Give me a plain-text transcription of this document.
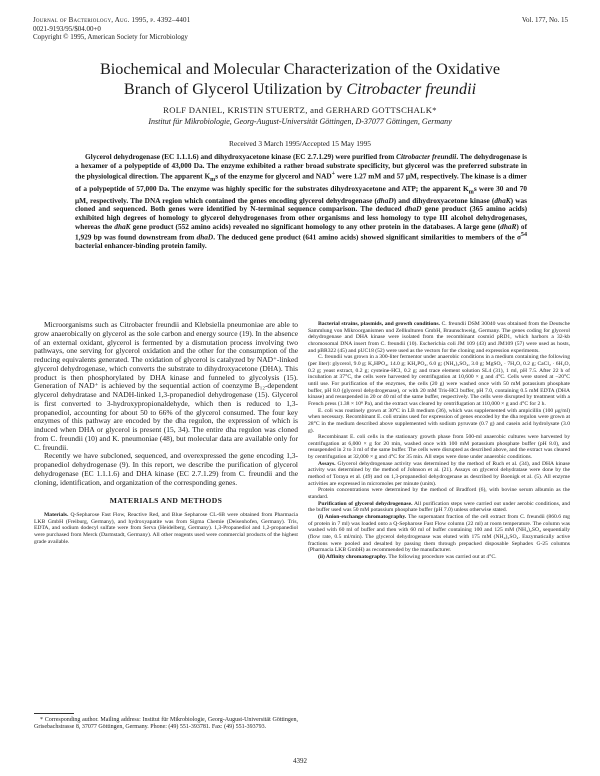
Journal of Bacteriology, Aug. 1995, p. 4392–4401
0021-9193/95/$04.00+0
Copyright © 1995, American Society for Microbiology
Vol. 177, No. 15
Biochemical and Molecular Characterization of the Oxidative
Branch of Glycerol Utilization by Citrobacter freundii
ROLF DANIEL, KRISTIN STUERTZ, and GERHARD GOTTSCHALK*
Institut für Mikrobiologie, Georg-August-Universität Göttingen, D-37077 Göttingen, Germany
Received 3 March 1995/Accepted 15 May 1995

Glycerol dehydrogenase (EC 1.1.1.6) and dihydroxyacetone kinase (EC 2.7.1.29) were purified from Citrobacter freundii. The dehydrogenase is a hexamer of a polypeptide of 43,000 Da. The enzyme exhibited a rather broad substrate specificity, but glycerol was the preferred substrate in the physiological direction. The apparent $K_ms$ of the enzyme for glycerol and NAD+ were 1.27 mM and 57 μM, respectively. The kinase is a dimer of a polypeptide of 57,000 Da. The enzyme was highly specific for the substrates dihydroxyacetone and ATP; the apparent $K_ms$ were 30 and 70 μM, respectively. The DNA region which contained the genes encoding glycerol dehydrogenase (dhaD) and dihydroxyacetone kinase (dhaK) was cloned and sequenced. Both genes were identified by N-terminal sequence comparison. The deduced dhaD gene product (365 amino acids) exhibited high degrees of homology to glycerol dehydrogenases from other organisms and less homology to type III alcohol dehydrogenases, whereas the dhaK gene product (552 amino acids) revealed no significant homology to any other protein in the databases. A large gene (dhaR) of 1,929 bp was found downstream from dhaD. The deduced gene product (641 amino acids) showed significant similarities to members of the $\sigma^{54}$ bacterial enhancer-binding protein family.

Microorganisms such as Citrobacter freundii and Klebsiella pneumoniae are able to grow anaerobically on glycerol as the sole carbon and energy source (19). In the absence of an external oxidant, glycerol is fermented by a dismutation process involving two pathways, one serving for glycerol oxidation and the other for the consumption of the reducing equivalents generated. The oxidation of glycerol is catalyzed by NAD⁺-linked glycerol dehydrogenase, which converts the substrate to dihydroxyacetone (DHA). This product is then phosphorylated by DHA kinase and funneled to glycolysis (15). Generation of NAD⁺ is achieved by the sequential action of coenzyme B₁₂-dependent glycerol dehydratase and NADH-linked 1,3-propanediol dehydrogenase (15). Glycerol is first converted to 3-hydroxypropionaldehyde, which then is reduced to 1,3-propanediol, accounting for about 50 to 66% of the glycerol consumed. The four key enzymes of this pathway are encoded by the dha regulon, the expression of which is induced when DHA or glycerol is present (15, 34). The entire dha regulon was cloned from C. freundii (10) and K. pneumoniae (48), but molecular data are available only for C. freundii.

Recently we have subcloned, sequenced, and overexpressed the gene encoding 1,3-propanediol dehydrogenase (9). In this report, we describe the purification of glycerol dehydrogenase (EC 1.1.1.6) and DHA kinase (EC 2.7.1.29) from C. freundii and the cloning, identification, and organization of the corresponding genes.

MATERIALS AND METHODS

Materials. Q-Sepharose Fast Flow, Reactive Red, and Blue Sepharose CL-6B were obtained from Pharmacia LKB GmbH (Freiburg, Germany), and hydroxyapatite was from Sigma Chemie (Deisenhofen, Germany). Tris, EDTA, and sodium dodecyl sulfate were from Serva (Heidelberg, Germany). 1,3-Propanediol and 1,2-propanediol were purchased from Merck (Darmstadt, Germany). All other reagents used were commercial products of the highest grade available.

* Corresponding author. Mailing address: Institut für Mikrobiologie, Georg-August-Universität Göttingen, Grisebachstrasse 8, 37077 Göttingen, Germany. Phone: (49) 551-393781. Fax: (49) 551-393793.

Bacterial strains, plasmids, and growth conditions. C. freundii DSM 30040 was obtained from the Deutsche Sammlung von Mikroorganismen und Zellkulturen GmbH, Braunschweig, Germany. The genes coding for glycerol dehydrogenase and DHA kinase were isolated from the recombinant cosmid pRD1, which harbors a 32-kb chromosomal DNA insert from C. freundii (10). Escherichia coli JM 109 (43) and JM109 (57) were used as hosts, and pBR322 (45) and pUC18 (52) were used as the vectors for the cloning and expression experiments.

C. freundii was grown in a 300-liter fermentor under anaerobic conditions in a medium containing the following (per liter): glycerol, 9.0 g; K₂HPO₄, 14.0 g; KH₂PO₄, 6.0 g; (NH₄)₂SO₄, 3.0 g; MgSO₄ · 7H₂O, 0.2 g; CaCl₂ · 6H₂O, 0.2 g; yeast extract, 0.2 g; cysteine-HCl, 0.2 g; and trace element solution SL4 (31), 1 ml, pH 7.5. After 22 h of incubation at 37°C, the cells were harvested by centrifugation at 10,600 × g and 4°C. Cells were stored at −20°C until use. For purification of the enzymes, the cells (20 g) were washed once with 50 mM potassium phosphate buffer, pH 8.0 (glycerol dehydrogenase), or with 20 mM Tris-HCl buffer, pH 7.0, containing 0.5 mM EDTA (DHA kinase) and resuspended in 20 or 40 ml of the same buffer, respectively. The cells were disrupted by treatment with a French press (1.38 × 10⁸ Pa), and the extract was cleared by centrifugation at 110,000 × g and 4°C for 2 h.

E. coli was routinely grown at 30°C in LB medium (36), which was supplemented with ampicillin (100 μg/ml) when necessary. Recombinant E. coli strains used for expression of genes encoded by the dha regulon were grown at 28°C in the medium described above supplemented with sodium pyruvate (0.7 g) and casein acid hydrolysate (3.0 g).

Recombinant E. coli cells in the stationary growth phase from 500-ml anaerobic cultures were harvested by centrifugation at 6,000 × g for 20 min, washed once with 100 mM potassium phosphate buffer (pH 8.0), and resuspended in 2 to 3 ml of the same buffer. The cells were disrupted as described above, and the extract was cleared by centrifugation at 32,000 × g and 4°C for 35 min. All steps were done under anaerobic conditions.

Assays. Glycerol dehydrogenase activity was determined by the method of Ruch et al. (34), and DHA kinase activity was determined by the method of Johnson et al. (21). Assays on glycerol dehydratase were done by the method of Toraya et al. (49) and on 1,3-propanediol dehydrogenase as described by Boenigk et al. (5). All enzyme activities are expressed in micromoles per minute (units).

Protein concentrations were determined by the method of Bradford (6), with bovine serum albumin as the standard.

Purification of glycerol dehydrogenase. All purification steps were carried out under aerobic conditions, and the buffer used was 50 mM potassium phosphate buffer (pH 7.0) unless otherwise stated.

(i) Anion-exchange chromatography. The supernatant fraction of the cell extract from C. freundii (860.6 mg of protein in 7 ml) was loaded onto a Q-Sepharose Fast Flow column (22 ml) at room temperature. The column was washed with 60 ml of buffer and then with 60 ml of buffer containing 100 and 125 mM (NH₄)₂SO₄ sequentially (flow rate, 0.5 ml/min). The glycerol dehydrogenase was eluted with 175 mM (NH₄)₂SO₄. Enzymatically active fractions were pooled and desalted by passing them through prepacked disposable Sephadex G-25 columns (Pharmacia LKB GmbH) as recommended by the manufacturer.

(ii) Affinity chromatography. The following procedure was carried out at 4°C.

4392
